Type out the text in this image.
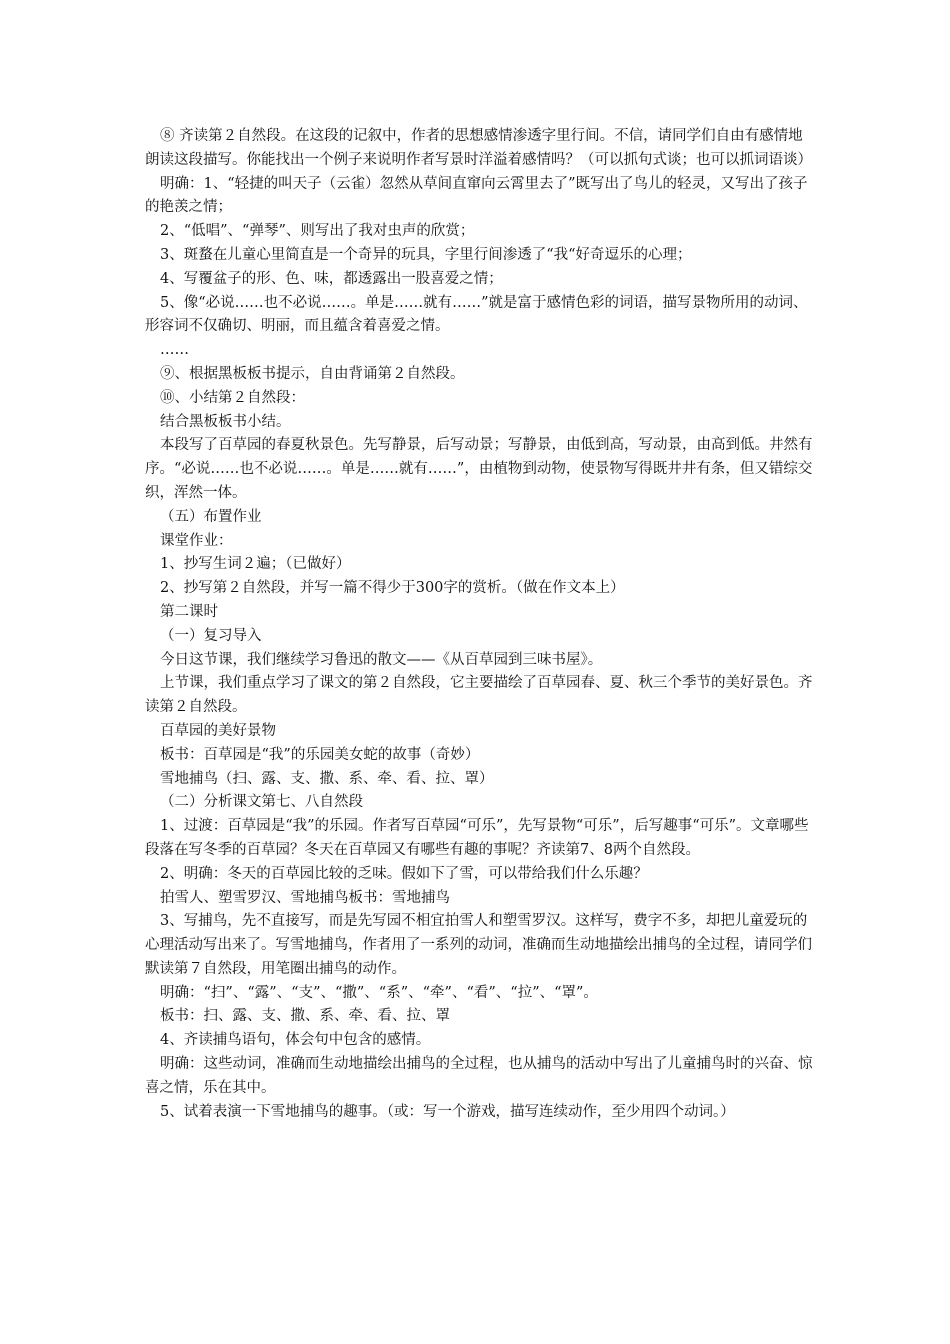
⑧ 齐读第２自然段。在这段的记叙中，作者的思想感情渗透字里行间。不信，请同学们自由有感情地朗读这段描写。你能找出一个例子来说明作者写景时洋溢着感情吗？（可以抓句式谈；也可以抓词语谈）

明确：1、“轻捷的叫天子（云雀）忽然从草间直窜向云霄里去了”既写出了鸟儿的轻灵，又写出了孩子的艳羡之情；

2、“低唱”、“弹琴”、则写出了我对虫声的欣赏；

3、斑蝥在儿童心里简直是一个奇异的玩具，字里行间渗透了“我“好奇逗乐的心理；

4、写覆盆子的形、色、味，都透露出一股喜爱之情；

5、像“必说……也不必说……。单是……就有……”就是富于感情色彩的词语，描写景物所用的动词、形容词不仅确切、明丽，而且蕴含着喜爱之情。

……

⑨、根据黑板板书提示，自由背诵第２自然段。

⑩、小结第２自然段：

结合黑板板书小结。

本段写了百草园的春夏秋景色。先写静景，后写动景；写静景，由低到高，写动景，由高到低。井然有序。“必说……也不必说……。单是……就有……”，由植物到动物，使景物写得既井井有条，但又错综交织，浑然一体。

（五）布置作业

课堂作业：

1、抄写生词２遍；（已做好）

2、抄写第２自然段，并写一篇不得少于300字的赏析。（做在作文本上）

第二课时

（一）复习导入

今日这节课，我们继续学习鲁迅的散文——《从百草园到三味书屋》。

上节课，我们重点学习了课文的第２自然段，它主要描绘了百草园春、夏、秋三个季节的美好景色。齐读第２自然段。

百草园的美好景物

板书：百草园是“我”的乐园美女蛇的故事（奇妙）

雪地捕鸟（扫、露、支、撒、系、牵、看、拉、罩）

（二）分析课文第七、八自然段

1、过渡：百草园是“我”的乐园。作者写百草园“可乐”，先写景物“可乐”，后写趣事“可乐”。文章哪些段落在写冬季的百草园？冬天在百草园又有哪些有趣的事呢？齐读第7、8两个自然段。

2、明确：冬天的百草园比较的乏味。假如下了雪，可以带给我们什么乐趣？

拍雪人、塑雪罗汉、雪地捕鸟板书：雪地捕鸟

3、写捕鸟，先不直接写，而是先写园不相宜拍雪人和塑雪罗汉。这样写，费字不多，却把儿童爱玩的心理活动写出来了。写雪地捕鸟，作者用了一系列的动词，准确而生动地描绘出捕鸟的全过程，请同学们默读第７自然段，用笔圈出捕鸟的动作。

明确：“扫”、“露”、“支”、“撒”、“系”、“牵”、“看”、“拉”、“罩”。

板书：扫、露、支、撒、系、牵、看、拉、罩

4、齐读捕鸟语句，体会句中包含的感情。

明确：这些动词，准确而生动地描绘出捕鸟的全过程，也从捕鸟的活动中写出了儿童捕鸟时的兴奋、惊喜之情，乐在其中。

5、试着表演一下雪地捕鸟的趣事。（或：写一个游戏，描写连续动作，至少用四个动词。）
